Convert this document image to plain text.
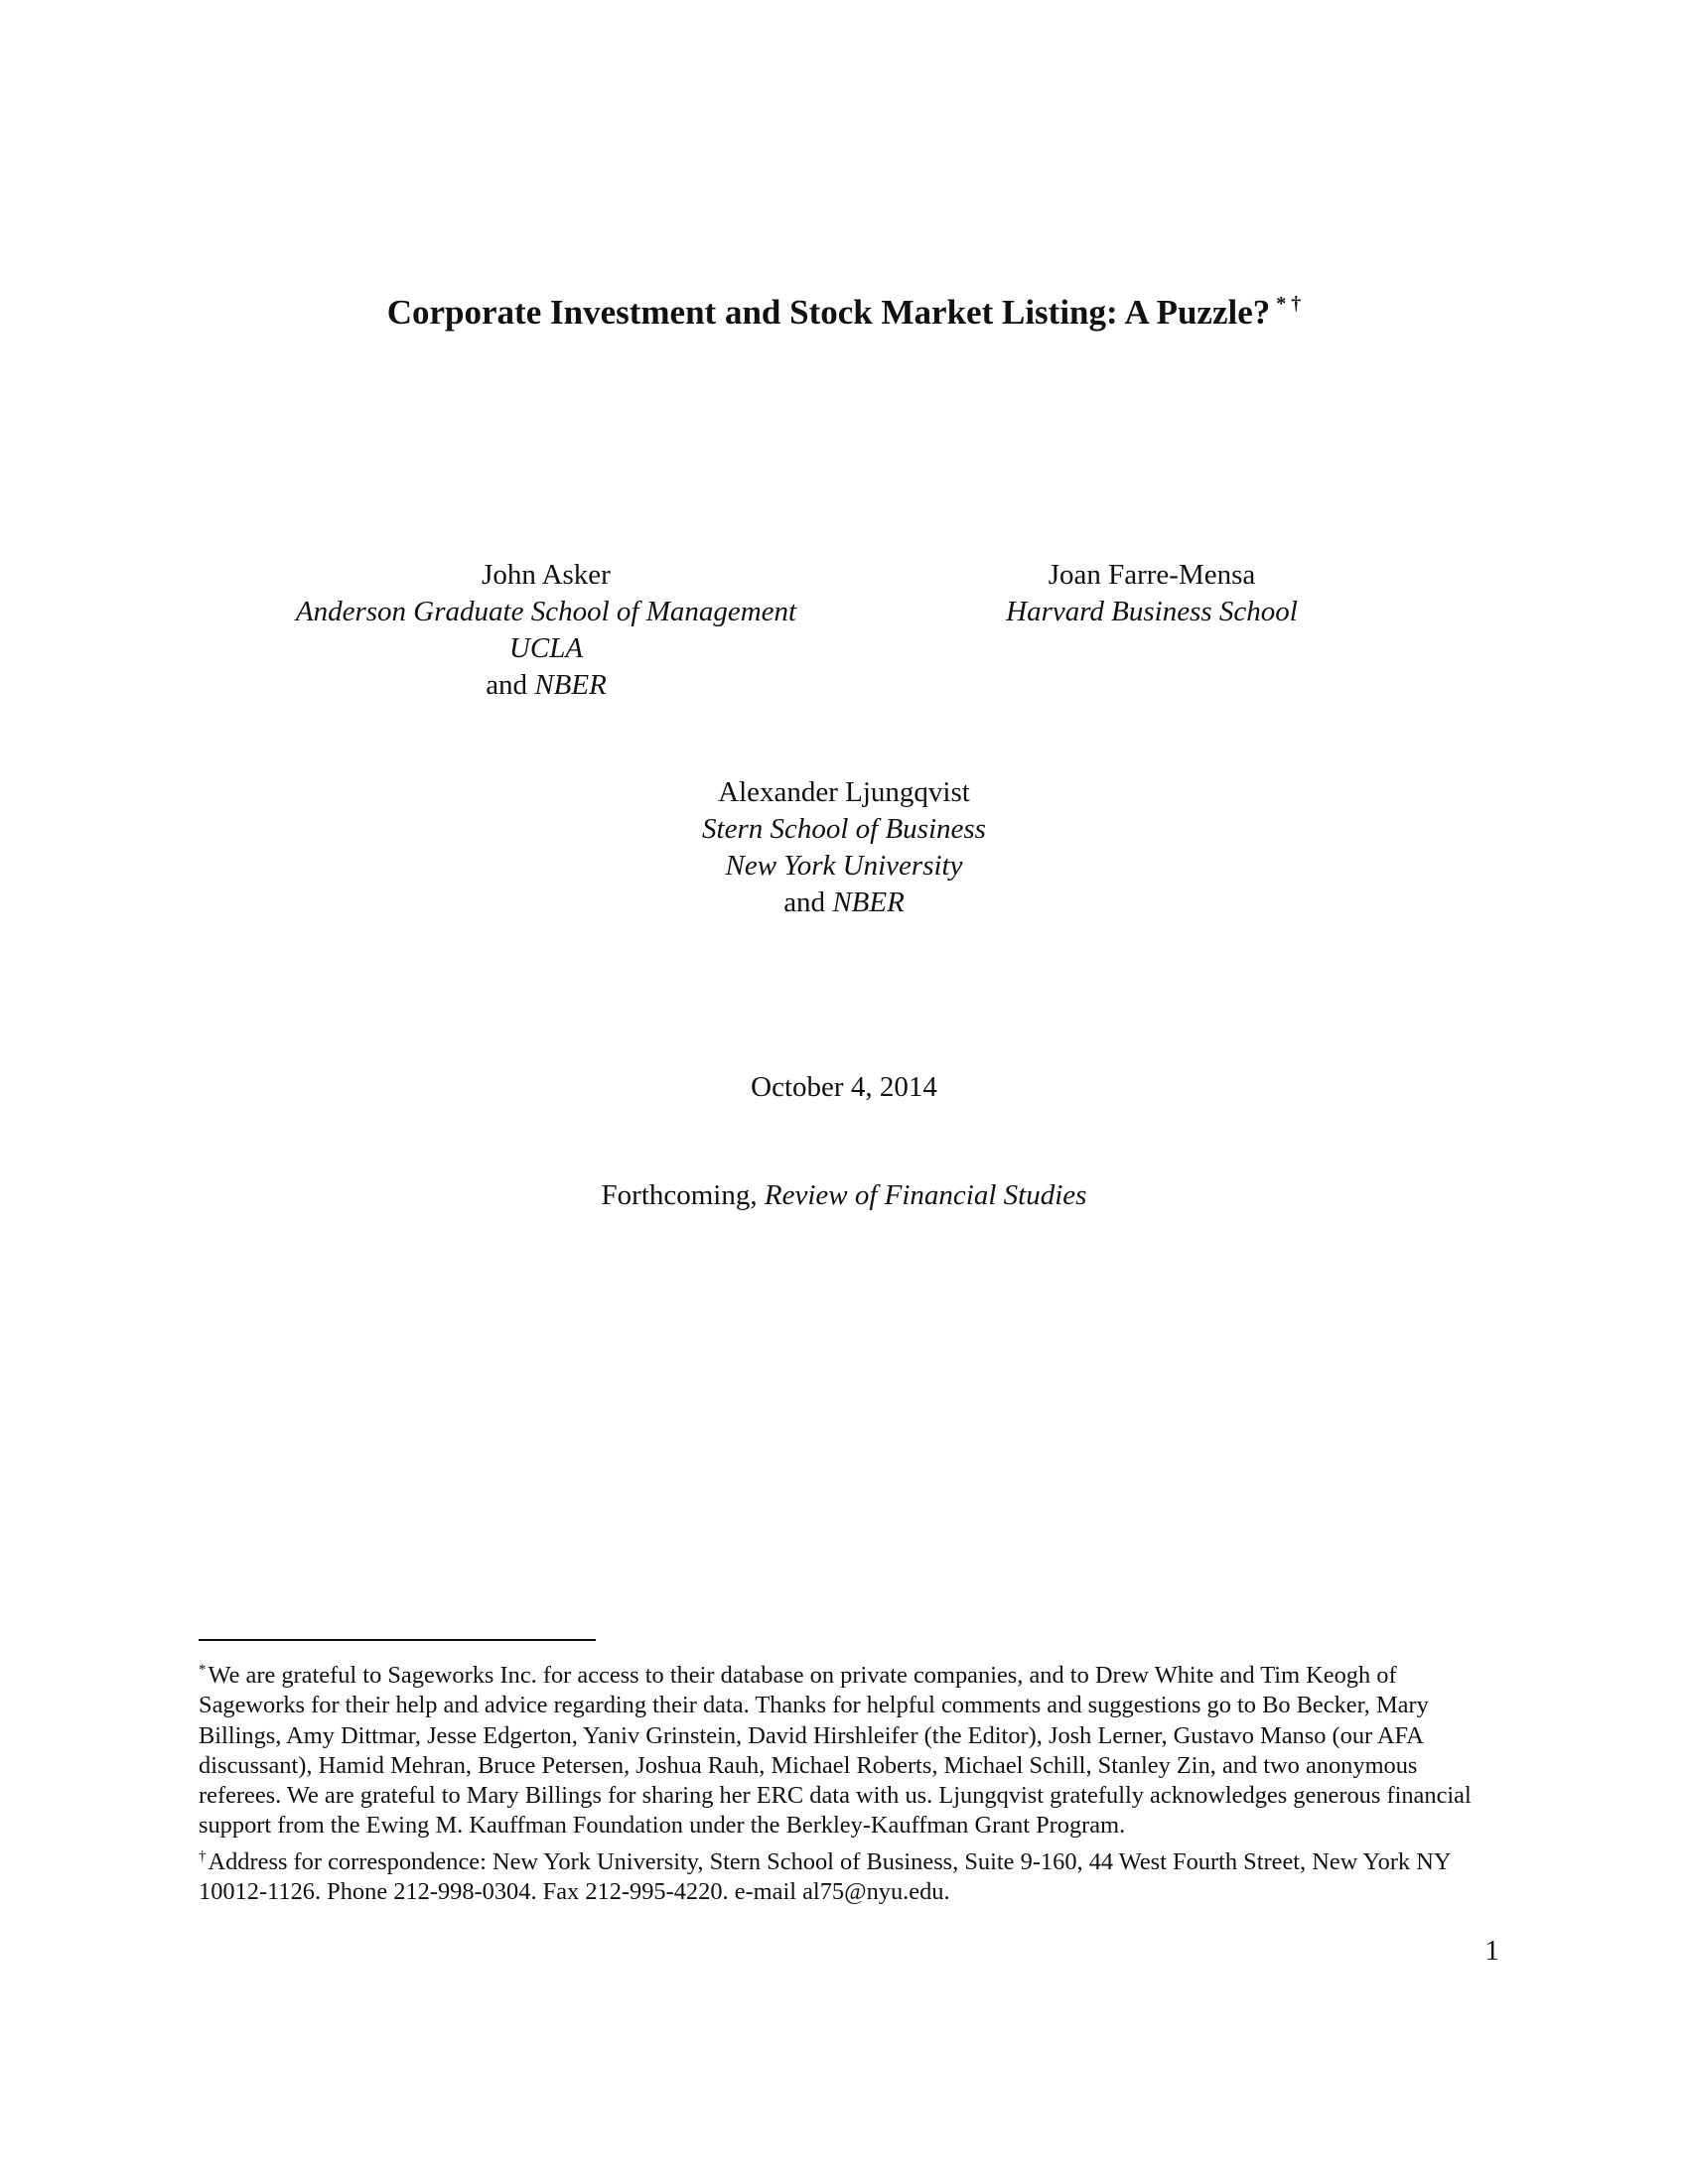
Corporate Investment and Stock Market Listing: A Puzzle? * †
John Asker
Anderson Graduate School of Management
UCLA
and NBER
Joan Farre-Mensa
Harvard Business School
Alexander Ljungqvist
Stern School of Business
New York University
and NBER
October 4, 2014
Forthcoming, Review of Financial Studies

*We are grateful to Sageworks Inc. for access to their database on private companies, and to Drew White and Tim Keogh of Sageworks for their help and advice regarding their data. Thanks for helpful comments and suggestions go to Bo Becker, Mary Billings, Amy Dittmar, Jesse Edgerton, Yaniv Grinstein, David Hirshleifer (the Editor), Josh Lerner, Gustavo Manso (our AFA discussant), Hamid Mehran, Bruce Petersen, Joshua Rauh, Michael Roberts, Michael Schill, Stanley Zin, and two anonymous referees. We are grateful to Mary Billings for sharing her ERC data with us. Ljungqvist gratefully acknowledges generous financial support from the Ewing M. Kauffman Foundation under the Berkley-Kauffman Grant Program.

†Address for correspondence: New York University, Stern School of Business, Suite 9-160, 44 West Fourth Street, New York NY 10012-1126. Phone 212-998-0304. Fax 212-995-4220. e-mail al75@nyu.edu.

1
